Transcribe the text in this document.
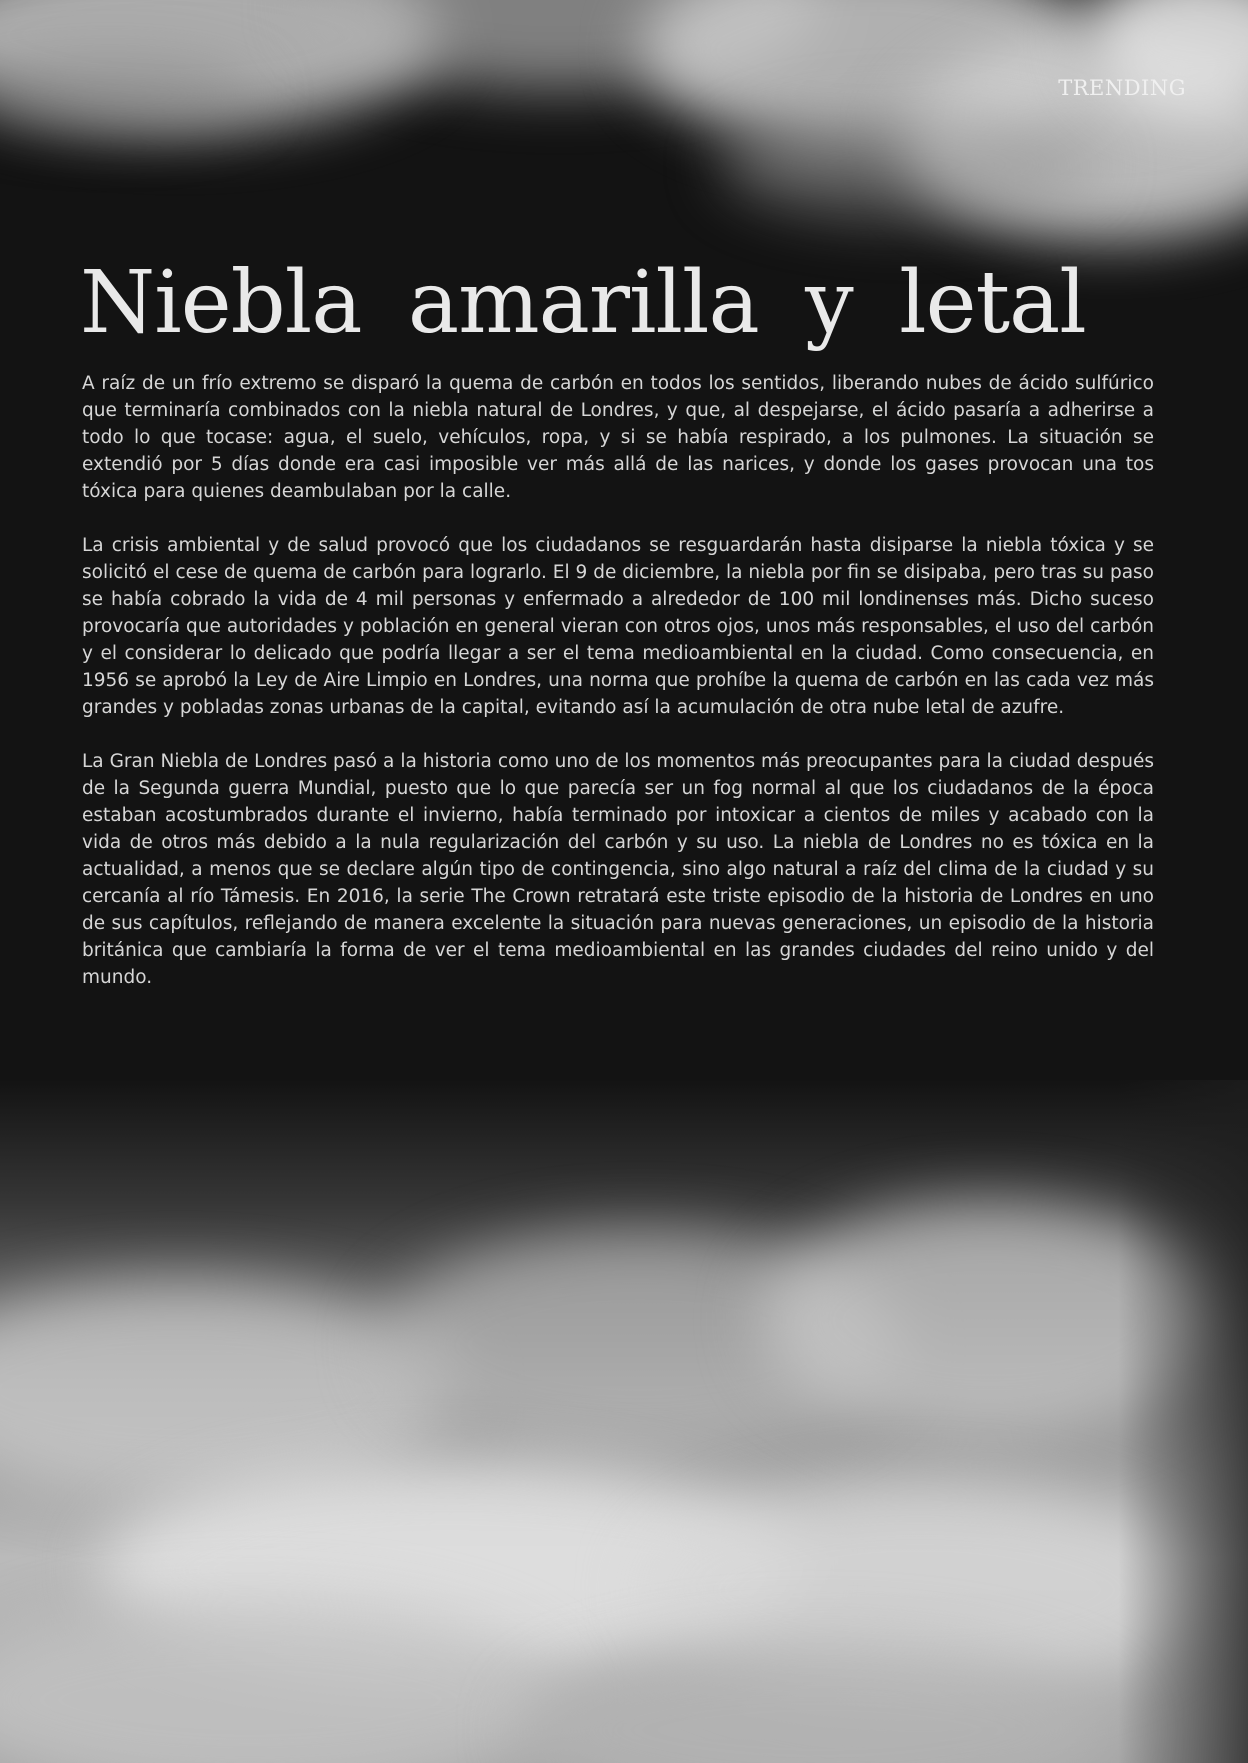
TRENDING
Niebla amarilla y letal

A raíz de un frío extremo se disparó la quema de carbón en todos los sentidos, liberando nubes de ácido sulfúrico que terminaría combinados con la niebla natural de Londres, y que, al despejarse, el ácido pasaría a adherirse a todo lo que tocase: agua, el suelo, vehículos, ropa, y si se había respirado, a los pulmones. La situación se extendió por 5 días donde era casi imposible ver más allá de las narices, y donde los gases provocan una tos tóxica para quienes deambulaban por la calle.

La crisis ambiental y de salud provocó que los ciudadanos se resguardarán hasta disiparse la niebla tóxica y se solicitó el cese de quema de carbón para lograrlo. El 9 de diciembre, la niebla por fin se disipaba, pero tras su paso se había cobrado la vida de 4 mil personas y enfermado a alrededor de 100 mil londinenses más. Dicho suceso provocaría que autoridades y población en general vieran con otros ojos, unos más responsables, el uso del carbón y el considerar lo delicado que podría llegar a ser el tema medioambiental en la ciudad. Como consecuencia, en 1956 se aprobó la Ley de Aire Limpio en Londres, una norma que prohíbe la quema de carbón en las cada vez más grandes y pobladas zonas urbanas de la capital, evitando así la acumulación de otra nube letal de azufre.

La Gran Niebla de Londres pasó a la historia como uno de los momentos más preocupantes para la ciudad después de la Segunda guerra Mundial, puesto que lo que parecía ser un fog normal al que los ciudadanos de la época estaban acostumbrados durante el invierno, había terminado por intoxicar a cientos de miles y acabado con la vida de otros más debido a la nula regularización del carbón y su uso. La niebla de Londres no es tóxica en la actualidad, a menos que se declare algún tipo de contingencia, sino algo natural a raíz del clima de la ciudad y su cercanía al río Támesis. En 2016, la serie The Crown retratará este triste episodio de la historia de Londres en uno de sus capítulos, reflejando de manera excelente la situación para nuevas generaciones, un episodio de la historia británica que cambiaría la forma de ver el tema medioambiental en las grandes ciudades del reino unido y del mundo.
